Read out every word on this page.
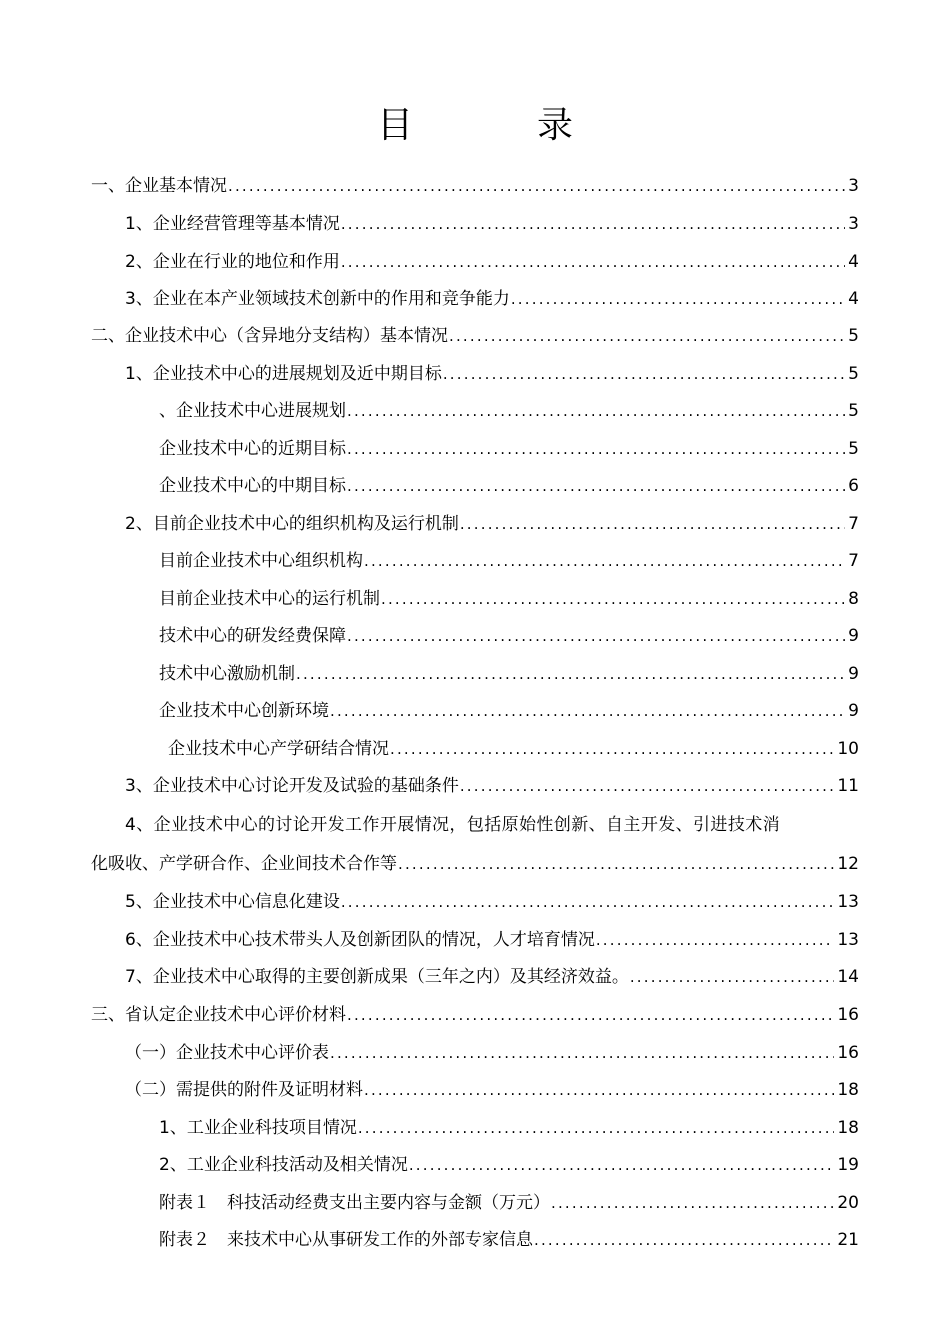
目　录
一、企业基本情况 .....	3
1、企业经营管理等基本情况 .....	3
2、企业在行业的地位和作用 .....	4
3、企业在本产业领域技术创新中的作用和竞争能力 .....	4
二、企业技术中心（含异地分支结构）基本情况 .....	5
1、企业技术中心的进展规划及近中期目标 .....	5
、企业技术中心进展规划 .....	5
企业技术中心的近期目标 .....	5
企业技术中心的中期目标 .....	6
2、目前企业技术中心的组织机构及运行机制 .....	7
目前企业技术中心组织机构 .....	7
目前企业技术中心的运行机制 .....	8
技术中心的研发经费保障 .....	9
技术中心激励机制 .....	9
企业技术中心创新环境 .....	9
企业技术中心产学研结合情况 .....	10
3、企业技术中心讨论开发及试验的基础条件 .....	11
4、企业技术中心的讨论开发工作开展情况，包括原始性创新、自主开发、引进技术消
化吸收、产学研合作、企业间技术合作等 .....	12
5、企业技术中心信息化建设 .....	13
6、企业技术中心技术带头人及创新团队的情况，人才培育情况 .....	13
7、企业技术中心取得的主要创新成果（三年之内）及其经济效益。 .....	14
三、省认定企业技术中心评价材料 .....	16
（一）企业技术中心评价表 .....	16
（二）需提供的附件及证明材料 .....	18
1、工业企业科技项目情况 .....	18
2、工业企业科技活动及相关情况 .....	19
附表１　科技活动经费支出主要内容与金额（万元） .....	20
附表２　来技术中心从事研发工作的外部专家信息 .....	21
